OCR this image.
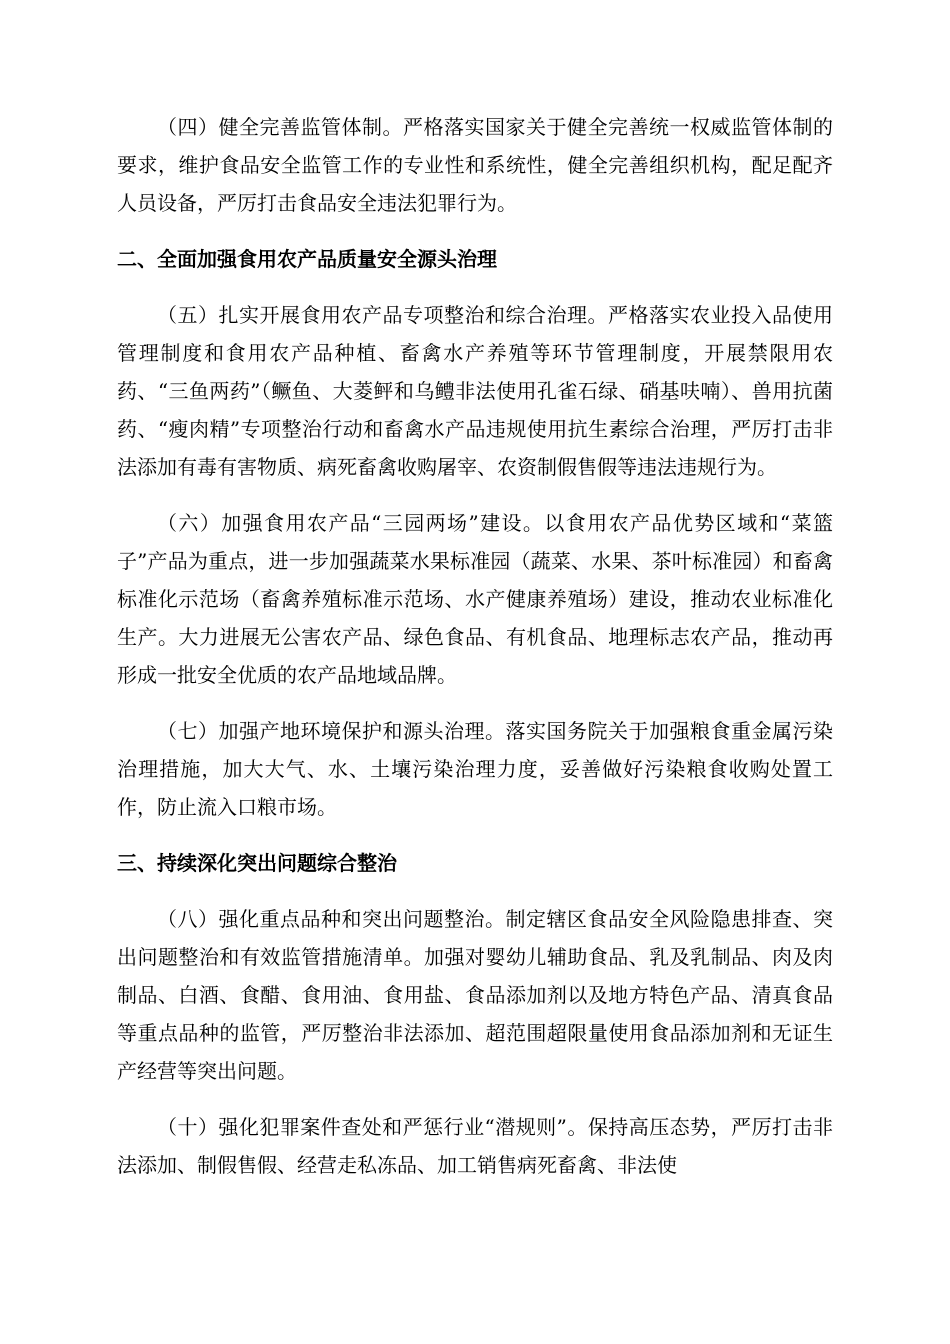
（四）健全完善监管体制。严格落实国家关于健全完善统一权威监管体制的要求，维护食品安全监管工作的专业性和系统性，健全完善组织机构，配足配齐人员设备，严厉打击食品安全违法犯罪行为。

二、全面加强食用农产品质量安全源头治理

（五）扎实开展食用农产品专项整治和综合治理。严格落实农业投入品使用管理制度和食用农产品种植、畜禽水产养殖等环节管理制度，开展禁限用农药、“三鱼两药”（鳜鱼、大菱鲆和乌鳢非法使用孔雀石绿、硝基呋喃）、兽用抗菌药、“瘦肉精”专项整治行动和畜禽水产品违规使用抗生素综合治理，严厉打击非法添加有毒有害物质、病死畜禽收购屠宰、农资制假售假等违法违规行为。

（六）加强食用农产品“三园两场”建设。以食用农产品优势区域和“菜篮子”产品为重点，进一步加强蔬菜水果标准园（蔬菜、水果、茶叶标准园）和畜禽标准化示范场（畜禽养殖标准示范场、水产健康养殖场）建设，推动农业标准化生产。大力进展无公害农产品、绿色食品、有机食品、地理标志农产品，推动再形成一批安全优质的农产品地域品牌。

（七）加强产地环境保护和源头治理。落实国务院关于加强粮食重金属污染治理措施，加大大气、水、土壤污染治理力度，妥善做好污染粮食收购处置工作，防止流入口粮市场。

三、持续深化突出问题综合整治

（八）强化重点品种和突出问题整治。制定辖区食品安全风险隐患排查、突出问题整治和有效监管措施清单。加强对婴幼儿辅助食品、乳及乳制品、肉及肉制品、白酒、食醋、食用油、食用盐、食品添加剂以及地方特色产品、清真食品等重点品种的监管，严厉整治非法添加、超范围超限量使用食品添加剂和无证生产经营等突出问题。

（十）强化犯罪案件查处和严惩行业“潜规则”。保持高压态势，严厉打击非法添加、制假售假、经营走私冻品、加工销售病死畜禽、非法使
